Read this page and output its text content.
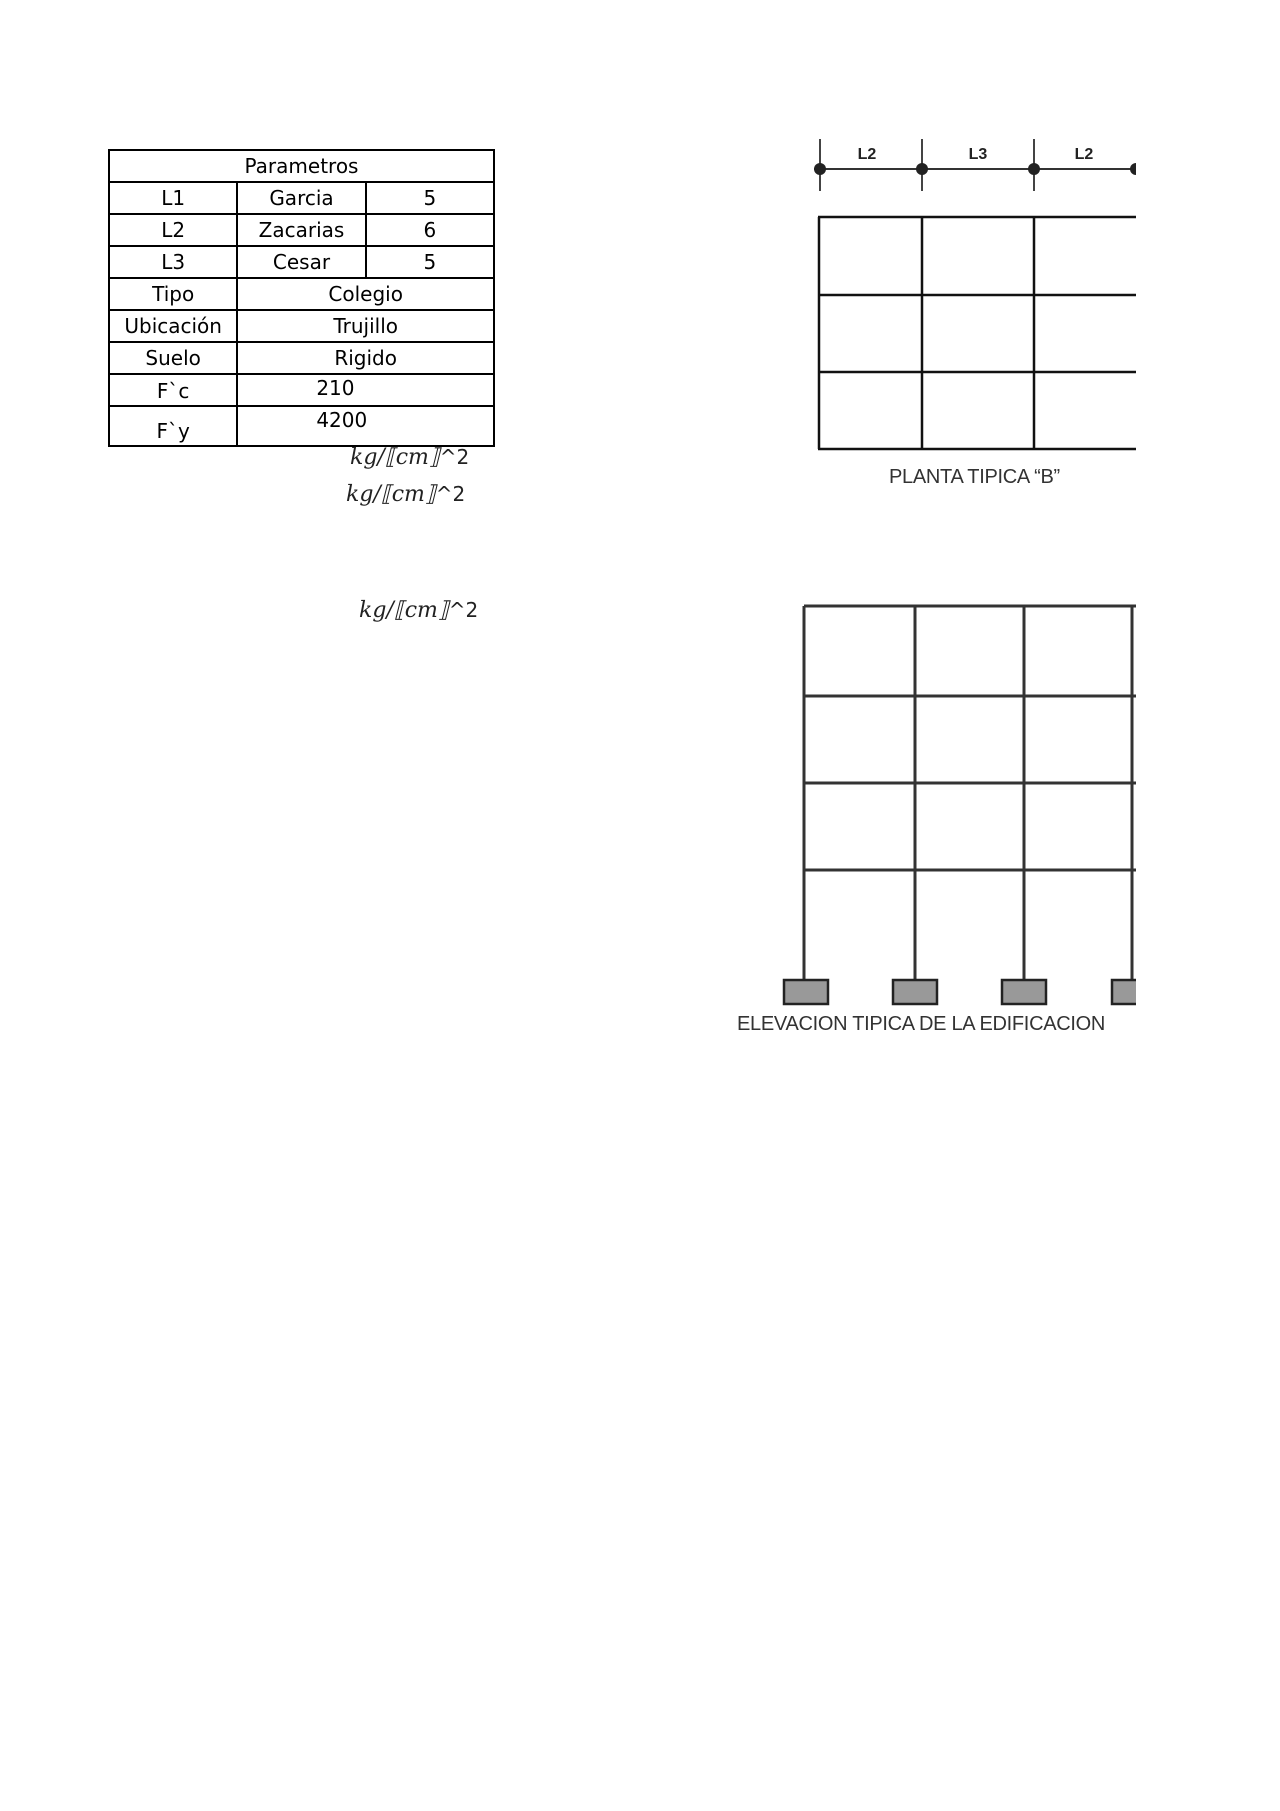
Parametros		
L1	Garcia	5
L2	Zacarias	6
L3	Cesar	5
Tipo	Colegio	
Ubicación	Trujillo	
Suelo	Rigido	
F`c	210	
F`y	4200	
kg/⟦cm⟧^2
kg/⟦cm⟧^2
kg/⟦cm⟧^2
L2	L3	L2
PLANTA TIPICA “B”
ELEVACION TIPICA DE LA EDIFICACION
